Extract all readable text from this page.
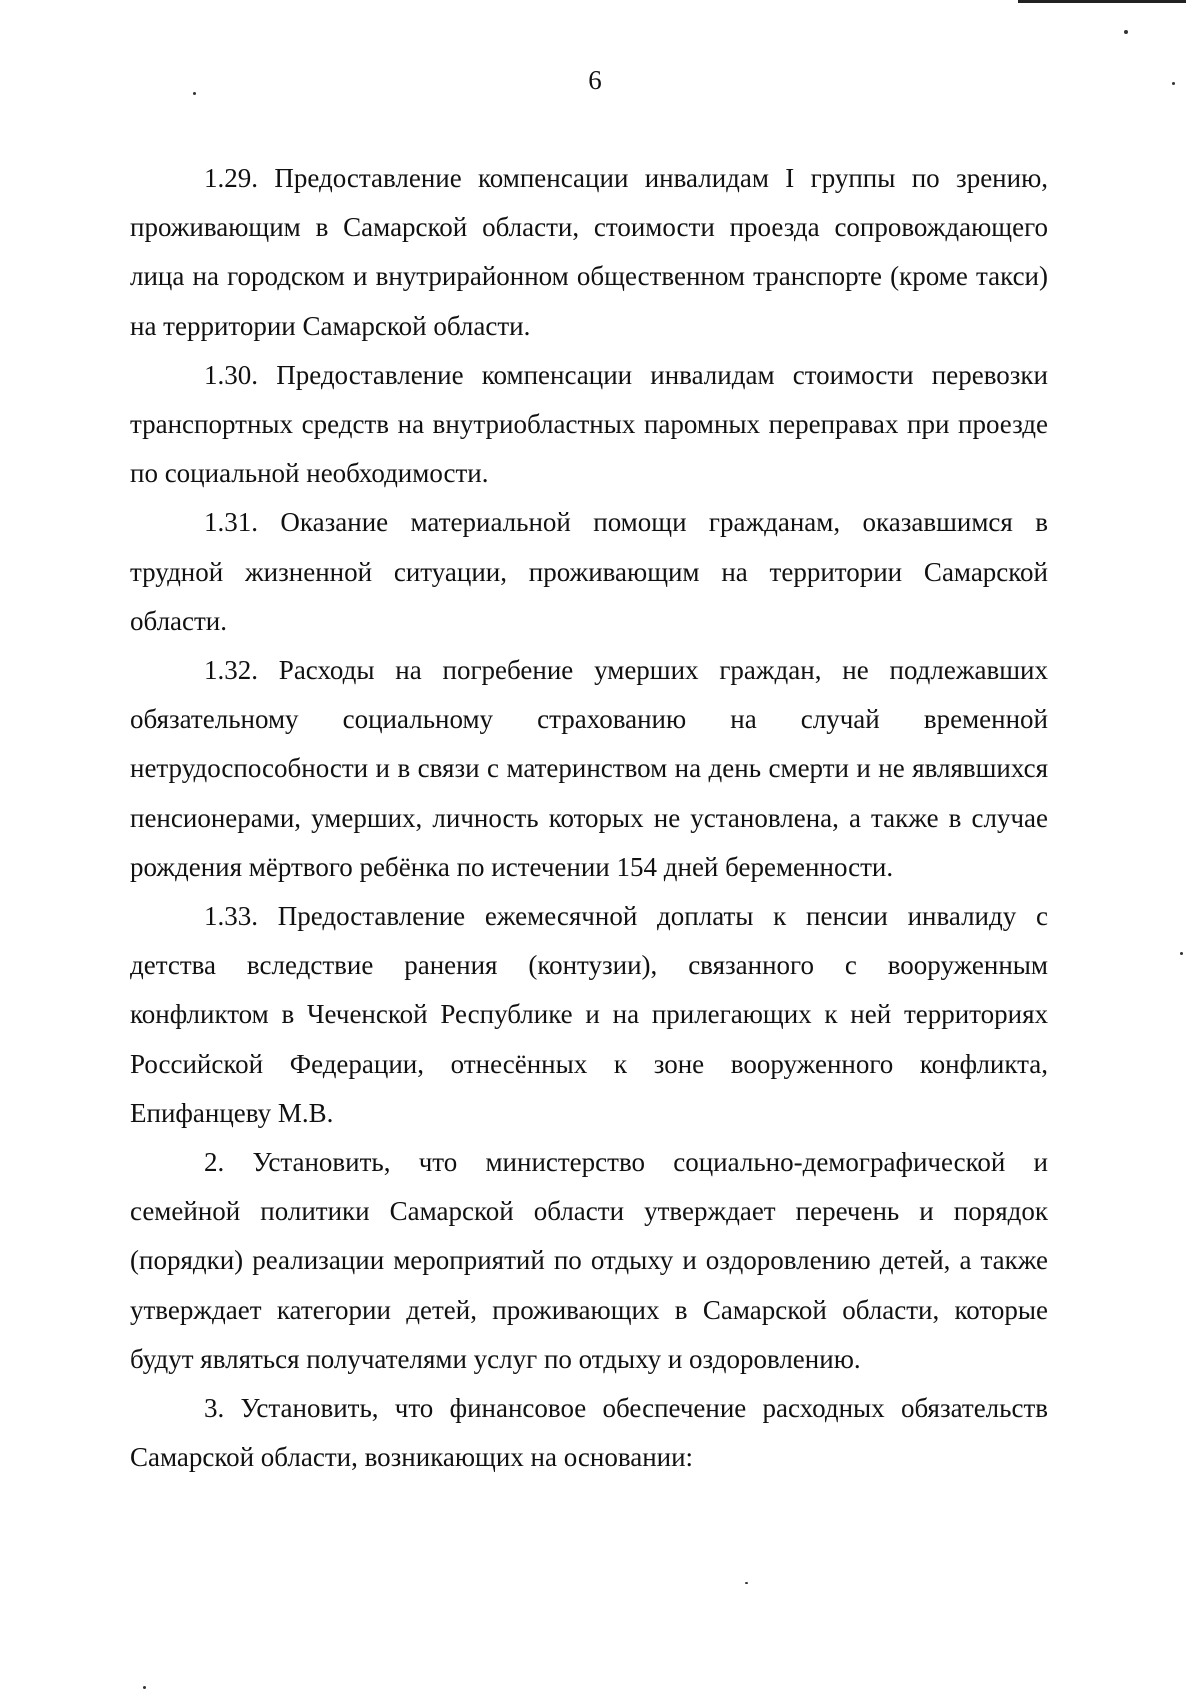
6

1.29. Предоставление компенсации инвалидам I группы по зрению, проживающим в Самарской области, стоимости проезда сопровождающего лица на городском и внутрирайонном общественном транспорте (кроме такси) на территории Самарской области.

1.30. Предоставление компенсации инвалидам стоимости перевозки транспортных средств на внутриобластных паромных переправах при проезде по социальной необходимости.

1.31. Оказание материальной помощи гражданам, оказавшимся в трудной жизненной ситуации, проживающим на территории Самарской области.

1.32. Расходы на погребение умерших граждан, не подлежавших обязательному социальному страхованию на случай временной нетрудоспособности и в связи с материнством на день смерти и не являвшихся пенсионерами, умерших, личность которых не установлена, а также в случае рождения мёртвого ребёнка по истечении 154 дней беременности.

1.33. Предоставление ежемесячной доплаты к пенсии инвалиду с детства вследствие ранения (контузии), связанного с вооруженным конфликтом в Чеченской Республике и на прилегающих к ней территориях Российской Федерации, отнесённых к зоне вооруженного конфликта, Епифанцеву М.В.

2. Установить, что министерство социально-демографической и семейной политики Самарской области утверждает перечень и порядок (порядки) реализации мероприятий по отдыху и оздоровлению детей, а также утверждает категории детей, проживающих в Самарской области, которые будут являться получателями услуг по отдыху и оздоровлению.

3. Установить, что финансовое обеспечение расходных обязательств Самарской области, возникающих на основании:
